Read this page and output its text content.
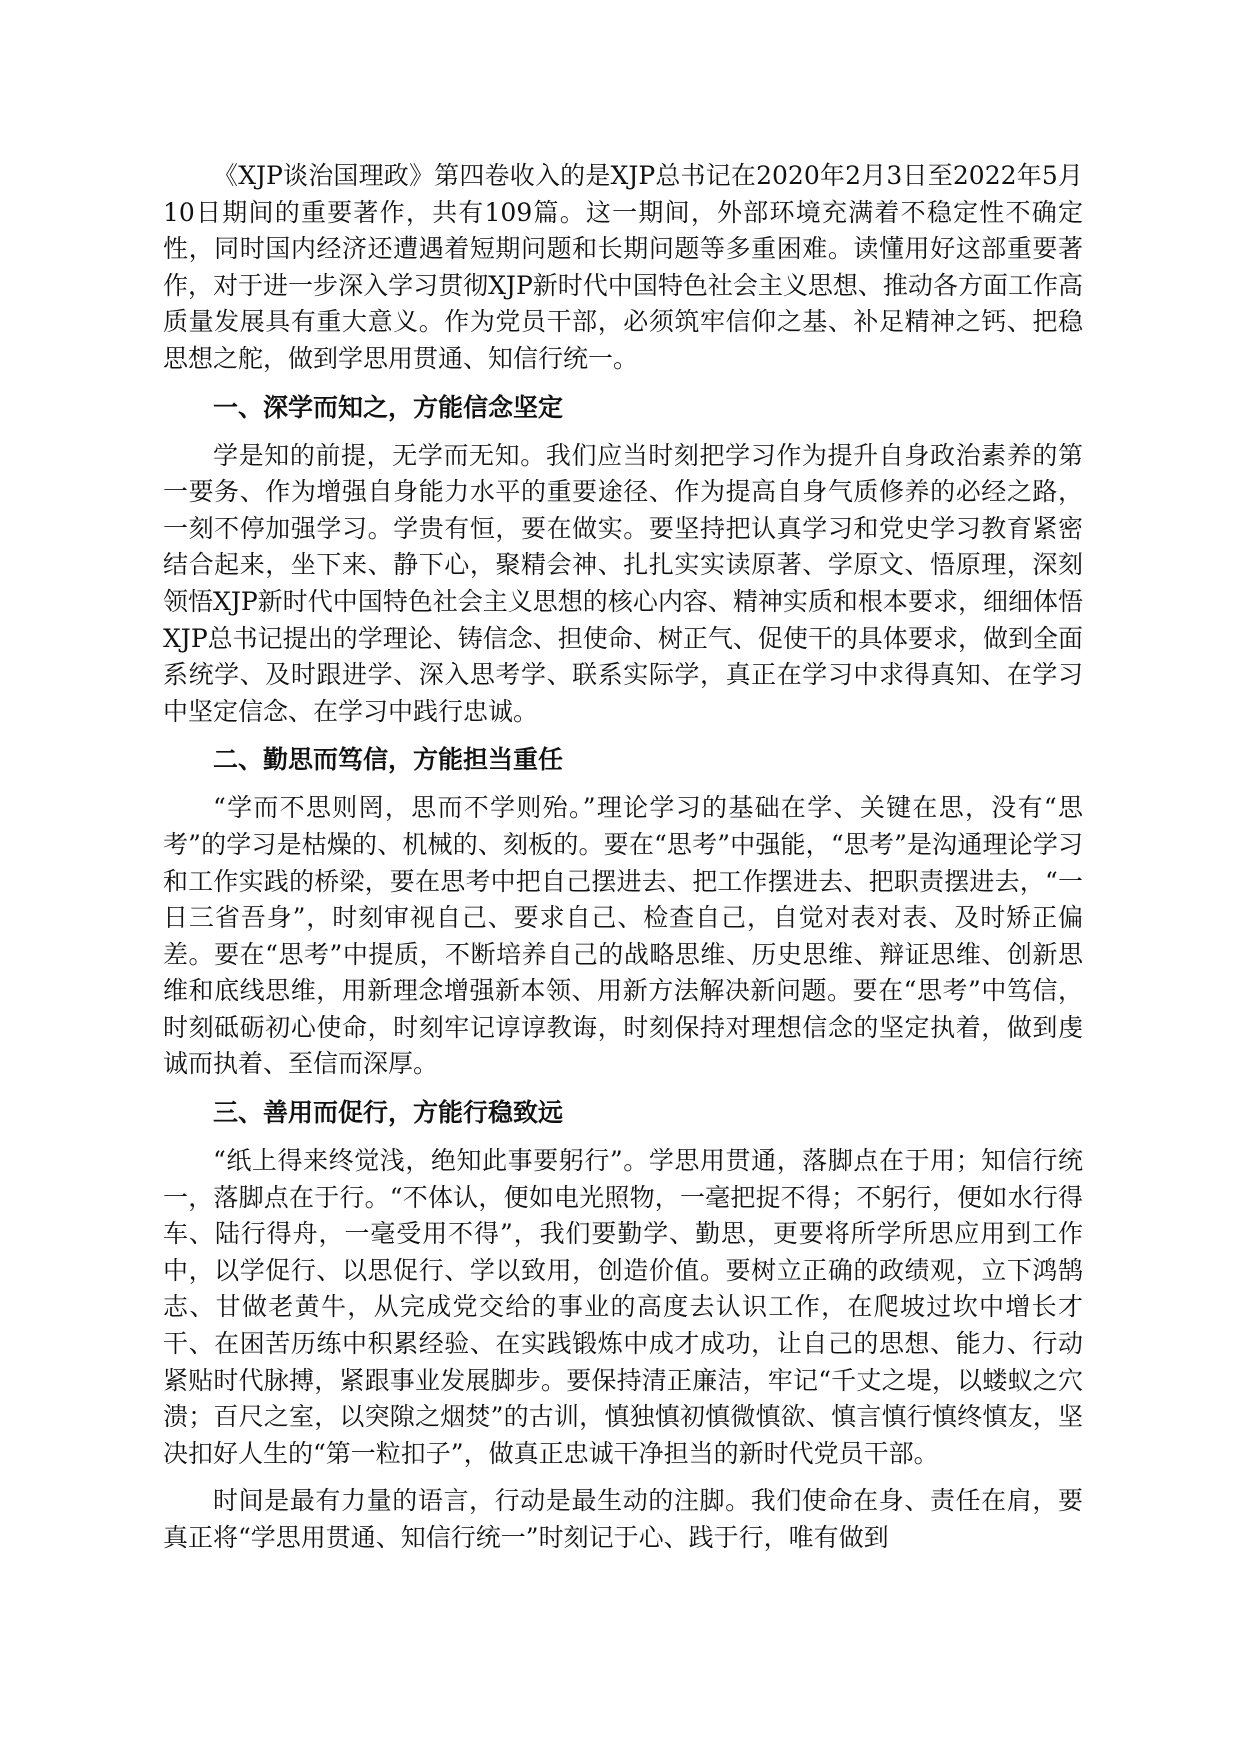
《XJP谈治国理政》第四卷收入的是XJP总书记在2020年2月3日至2022年5月10日期间的重要著作，共有109篇。这一期间，外部环境充满着不稳定性不确定性，同时国内经济还遭遇着短期问题和长期问题等多重困难。读懂用好这部重要著作，对于进一步深入学习贯彻XJP新时代中国特色社会主义思想、推动各方面工作高质量发展具有重大意义。作为党员干部，必须筑牢信仰之基、补足精神之钙、把稳思想之舵，做到学思用贯通、知信行统一。

一、深学而知之，方能信念坚定

学是知的前提，无学而无知。我们应当时刻把学习作为提升自身政治素养的第一要务、作为增强自身能力水平的重要途径、作为提高自身气质修养的必经之路，一刻不停加强学习。学贵有恒，要在做实。要坚持把认真学习和党史学习教育紧密结合起来，坐下来、静下心，聚精会神、扎扎实实读原著、学原文、悟原理，深刻领悟XJP新时代中国特色社会主义思想的核心内容、精神实质和根本要求，细细体悟XJP总书记提出的学理论、铸信念、担使命、树正气、促使干的具体要求，做到全面系统学、及时跟进学、深入思考学、联系实际学，真正在学习中求得真知、在学习中坚定信念、在学习中践行忠诚。

二、勤思而笃信，方能担当重任

“学而不思则罔，思而不学则殆。”理论学习的基础在学、关键在思，没有“思考”的学习是枯燥的、机械的、刻板的。要在“思考”中强能，“思考”是沟通理论学习和工作实践的桥梁，要在思考中把自己摆进去、把工作摆进去、把职责摆进去，“一日三省吾身”，时刻审视自己、要求自己、检查自己，自觉对表对表、及时矫正偏差。要在“思考”中提质，不断培养自己的战略思维、历史思维、辩证思维、创新思维和底线思维，用新理念增强新本领、用新方法解决新问题。要在“思考”中笃信，时刻砥砺初心使命，时刻牢记谆谆教诲，时刻保持对理想信念的坚定执着，做到虔诚而执着、至信而深厚。

三、善用而促行，方能行稳致远

“纸上得来终觉浅，绝知此事要躬行”。学思用贯通，落脚点在于用；知信行统一，落脚点在于行。“不体认，便如电光照物，一毫把捉不得；不躬行，便如水行得车、陆行得舟，一毫受用不得”，我们要勤学、勤思，更要将所学所思应用到工作中，以学促行、以思促行、学以致用，创造价值。要树立正确的政绩观，立下鸿鹄志、甘做老黄牛，从完成党交给的事业的高度去认识工作，在爬坡过坎中增长才干、在困苦历练中积累经验、在实践锻炼中成才成功，让自己的思想、能力、行动紧贴时代脉搏，紧跟事业发展脚步。要保持清正廉洁，牢记“千丈之堤，以蝼蚁之穴溃；百尺之室，以突隙之烟焚”的古训，慎独慎初慎微慎欲、慎言慎行慎终慎友，坚决扣好人生的“第一粒扣子”，做真正忠诚干净担当的新时代党员干部。

时间是最有力量的语言，行动是最生动的注脚。我们使命在身、责任在肩，要真正将“学思用贯通、知信行统一”时刻记于心、践于行，唯有做到
